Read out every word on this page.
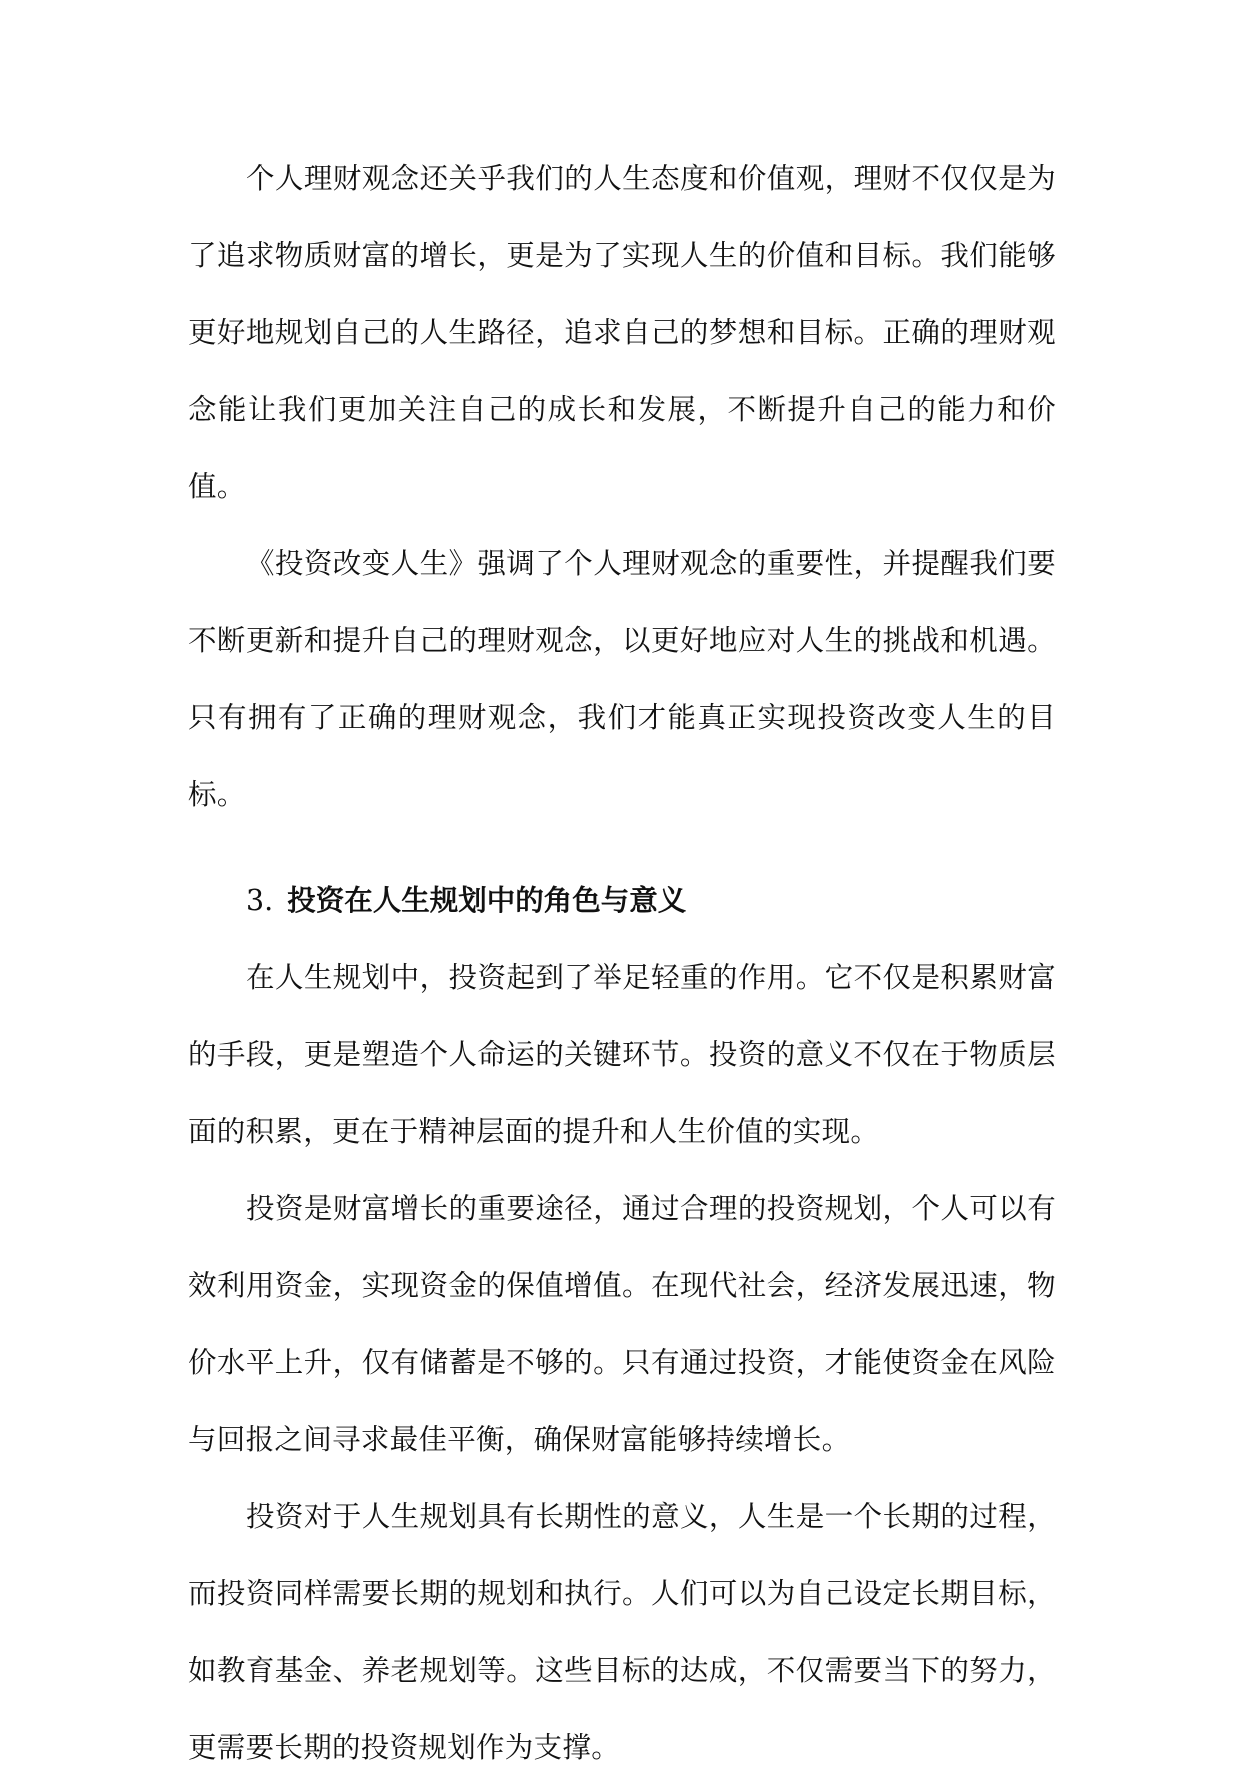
个人理财观念还关乎我们的人生态度和价值观，理财不仅仅是为了追求物质财富的增长，更是为了实现人生的价值和目标。我们能够更好地规划自己的人生路径，追求自己的梦想和目标。正确的理财观念能让我们更加关注自己的成长和发展，不断提升自己的能力和价值。

《投资改变人生》强调了个人理财观念的重要性，并提醒我们要不断更新和提升自己的理财观念，以更好地应对人生的挑战和机遇。只有拥有了正确的理财观念，我们才能真正实现投资改变人生的目标。

3. 投资在人生规划中的角色与意义

在人生规划中，投资起到了举足轻重的作用。它不仅是积累财富的手段，更是塑造个人命运的关键环节。投资的意义不仅在于物质层面的积累，更在于精神层面的提升和人生价值的实现。

投资是财富增长的重要途径，通过合理的投资规划，个人可以有效利用资金，实现资金的保值增值。在现代社会，经济发展迅速，物价水平上升，仅有储蓄是不够的。只有通过投资，才能使资金在风险与回报之间寻求最佳平衡，确保财富能够持续增长。

投资对于人生规划具有长期性的意义，人生是一个长期的过程，而投资同样需要长期的规划和执行。人们可以为自己设定长期目标，如教育基金、养老规划等。这些目标的达成，不仅需要当下的努力，更需要长期的投资规划作为支撑。
